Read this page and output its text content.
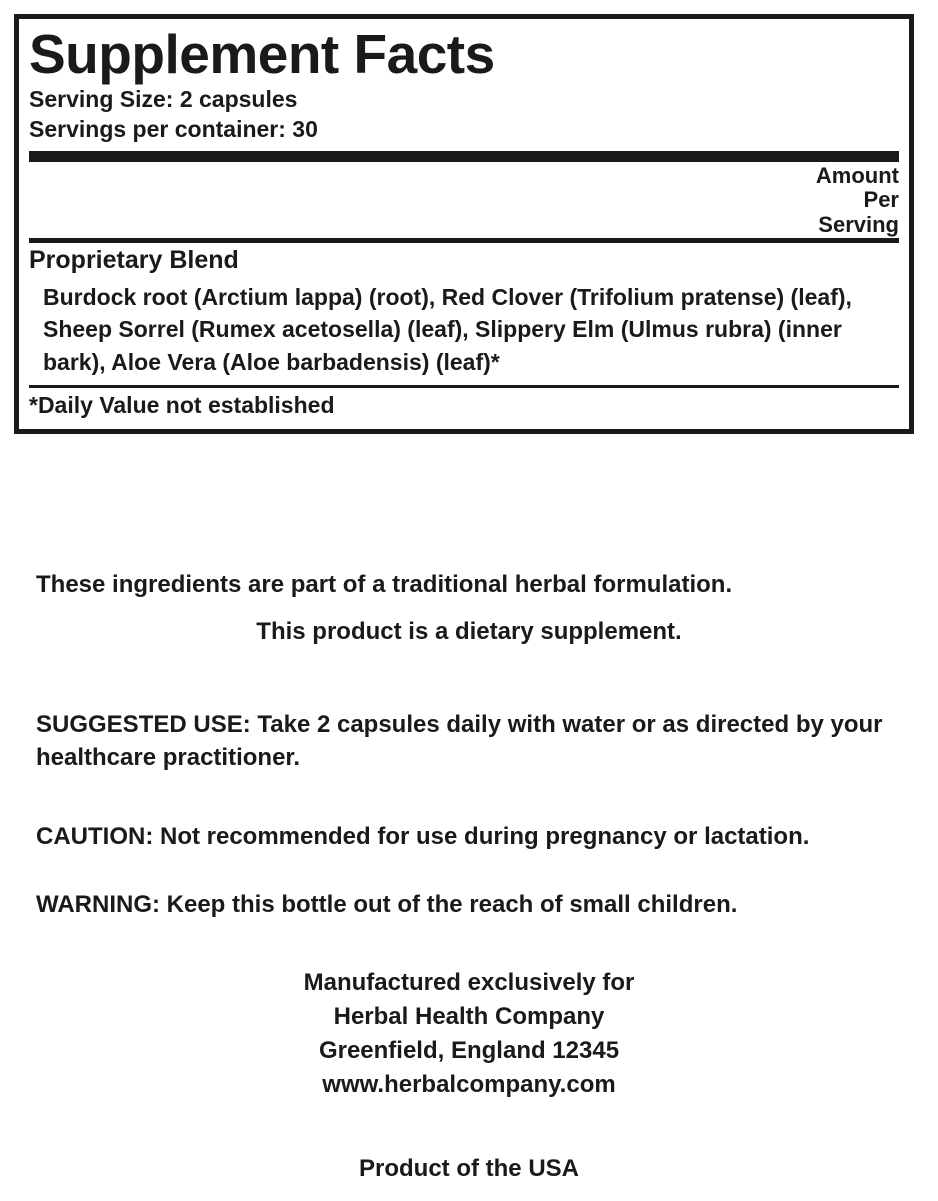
Supplement Facts
Serving Size: 2 capsules
Servings per container: 30
Amount
Per
Serving
Proprietary Blend
Burdock root (Arctium lappa) (root), Red Clover (Trifolium pratense) (leaf), Sheep Sorrel (Rumex acetosella) (leaf), Slippery Elm (Ulmus rubra) (inner bark), Aloe Vera (Aloe barbadensis) (leaf)*
*Daily Value not established
These ingredients are part of a traditional herbal formulation.
This product is a dietary supplement.
SUGGESTED USE: Take 2 capsules daily with water or as directed by your healthcare practitioner.
CAUTION: Not recommended for use during pregnancy or lactation.
WARNING: Keep this bottle out of the reach of small children.
Manufactured exclusively for
Herbal Health Company
Greenfield, England 12345
www.herbalcompany.com
Product of the USA
